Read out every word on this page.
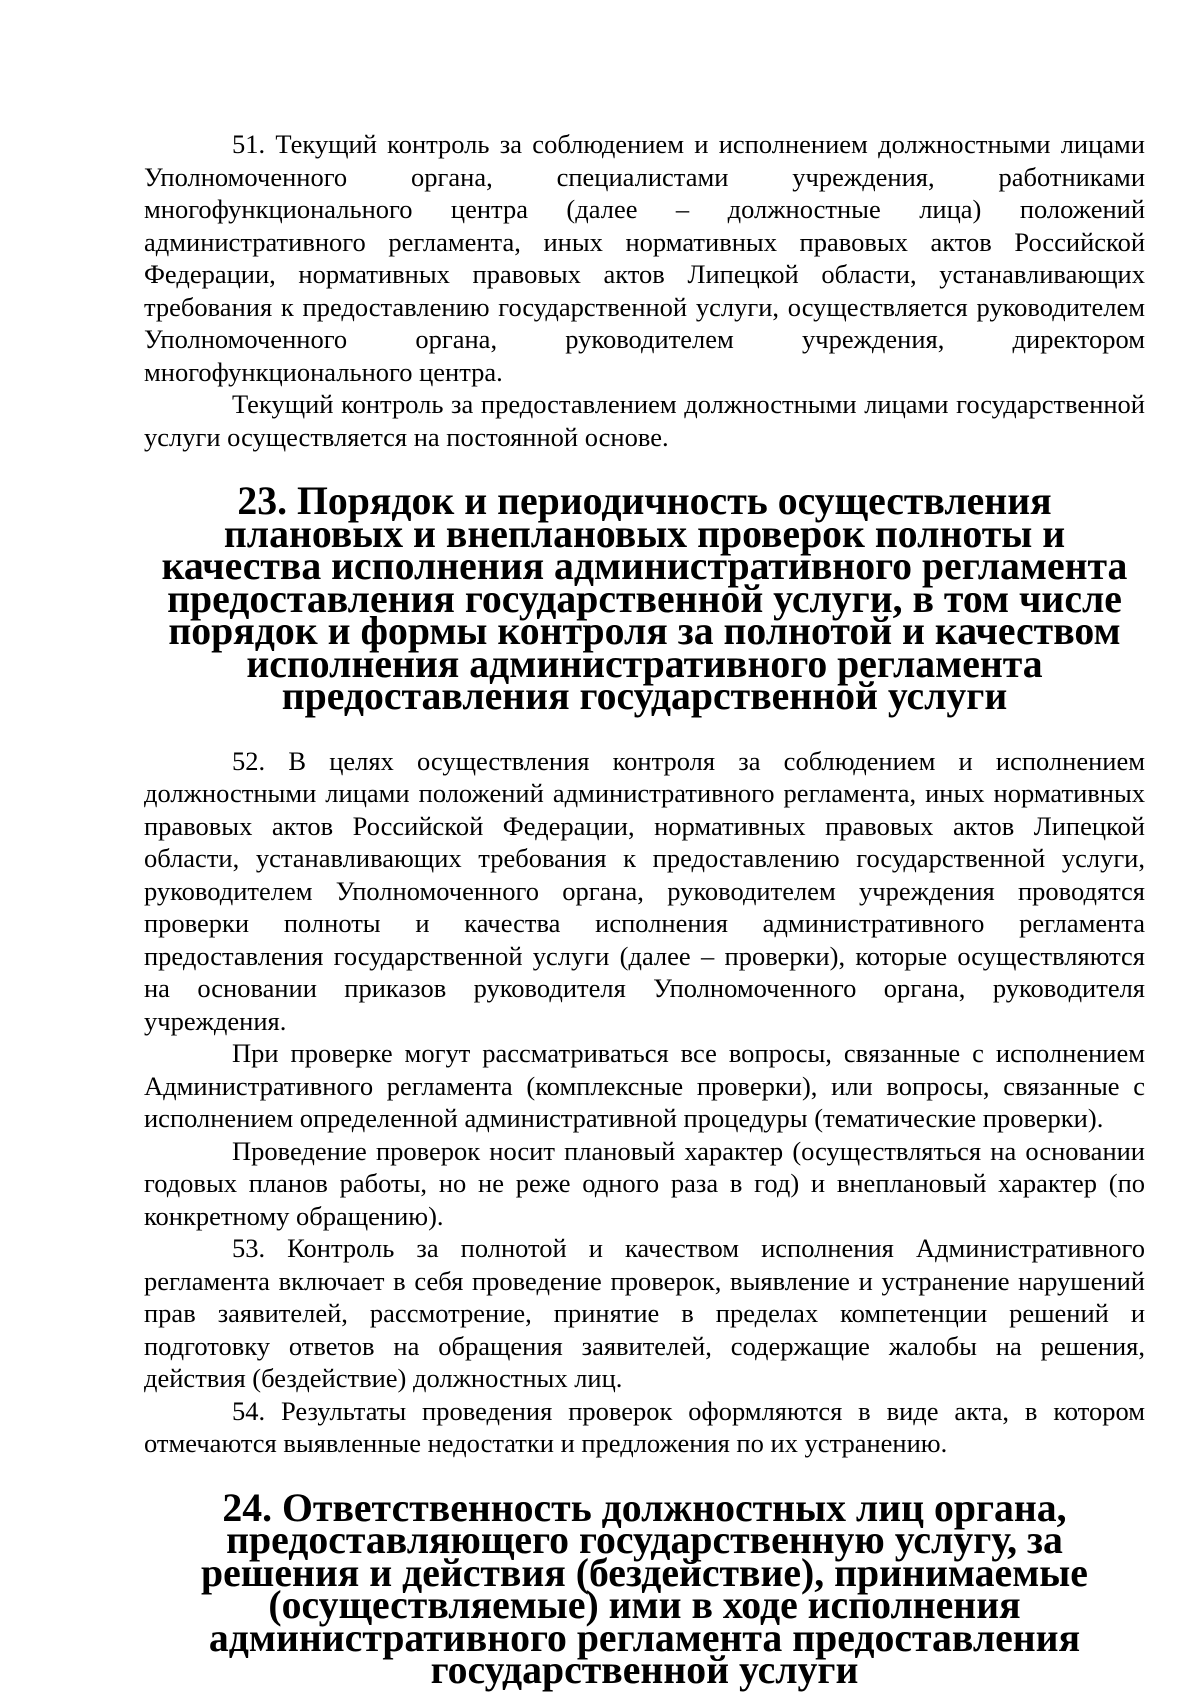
51. Текущий контроль за соблюдением и исполнением должностными лицами Уполномоченного органа, специалистами учреждения, работниками многофункционального центра (далее – должностные лица) положений административного регламента, иных нормативных правовых актов Российской Федерации, нормативных правовых актов Липецкой области, устанавливающих требования к предоставлению государственной услуги, осуществляется руководителем Уполномоченного органа, руководителем учреждения, директором многофункционального центра.

Текущий контроль за предоставлением должностными лицами государственной услуги осуществляется на постоянной основе.

23. Порядок и периодичность осуществления плановых и внеплановых проверок полноты и качества исполнения административного регламента предоставления государственной услуги, в том числе порядок и формы контроля за полнотой и качеством исполнения административного регламента предоставления государственной услуги

52. В целях осуществления контроля за соблюдением и исполнением должностными лицами положений административного регламента, иных нормативных правовых актов Российской Федерации, нормативных правовых актов Липецкой области, устанавливающих требования к предоставлению государственной услуги, руководителем Уполномоченного органа, руководителем учреждения проводятся проверки полноты и качества исполнения административного регламента предоставления государственной услуги (далее – проверки), которые осуществляются на основании приказов руководителя Уполномоченного органа, руководителя учреждения.

При проверке могут рассматриваться все вопросы, связанные с исполнением Административного регламента (комплексные проверки), или вопросы, связанные с исполнением определенной административной процедуры (тематические проверки).

Проведение проверок носит плановый характер (осуществляться на основании годовых планов работы, но не реже одного раза в год) и внеплановый характер (по конкретному обращению).

53. Контроль за полнотой и качеством исполнения Административного регламента включает в себя проведение проверок, выявление и устранение нарушений прав заявителей, рассмотрение, принятие в пределах компетенции решений и подготовку ответов на обращения заявителей, содержащие жалобы на решения, действия (бездействие) должностных лиц.

54. Результаты проведения проверок оформляются в виде акта, в котором отмечаются выявленные недостатки и предложения по их устранению.

24. Ответственность должностных лиц органа, предоставляющего государственную услугу, за решения и действия (бездействие), принимаемые (осуществляемые) ими в ходе исполнения административного регламента предоставления государственной услуги
